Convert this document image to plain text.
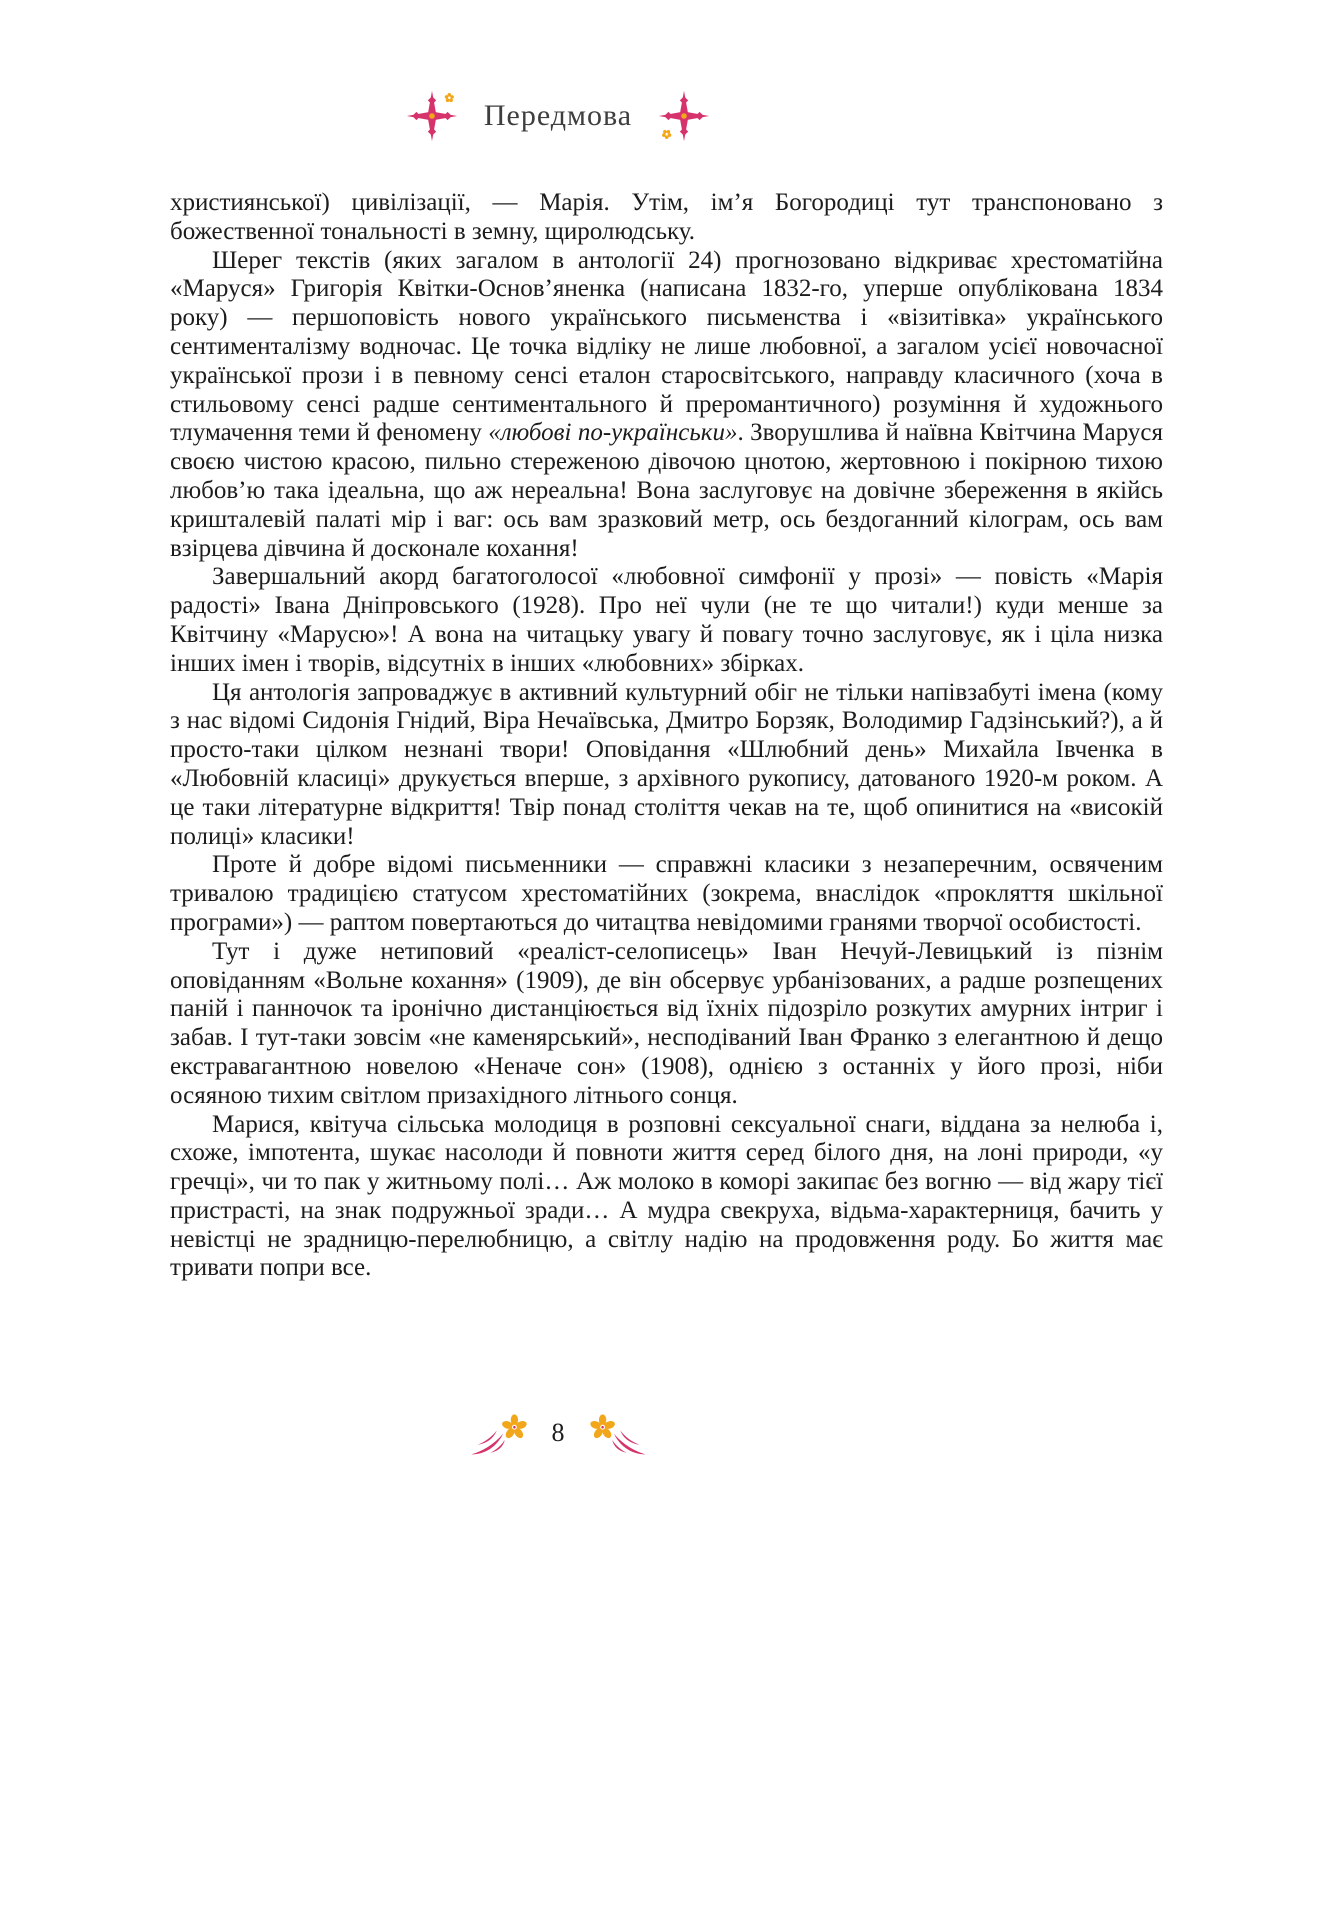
Передмова

християнської) цивілізації, — Марія. Утім, ім’я Богородиці тут транспоновано з божественної тональності в земну, щиролюдську.

Шерег текстів (яких загалом в антології 24) прогнозовано відкриває хрестоматійна «Маруся» Григорія Квітки-Основ’яненка (написана 1832-го, уперше опублікована 1834 року) — першоповість нового українського письменства і «візитівка» українського сентименталізму водночас. Це точка відліку не лише любовної, а загалом усієї новочасної української прози і в певному сенсі еталон старосвітського, направду класичного (хоча в стильовому сенсі радше сентиментального й преромантичного) розуміння й художнього тлумачення теми й феномену «любові по-українськи». Зворушлива й наївна Квітчина Маруся своєю чистою красою, пильно стереженою дівочою цнотою, жертовною і покірною тихою любов’ю така ідеальна, що аж нереальна! Вона заслуговує на довічне збереження в якійсь кришталевій палаті мір і ваг: ось вам зразковий метр, ось бездоганний кілограм, ось вам взірцева дівчина й досконале кохання!

Завершальний акорд багатоголосої «любовної симфонії у прозі» — повість «Марія радості» Івана Дніпровського (1928). Про неї чули (не те що читали!) куди менше за Квітчину «Марусю»! А вона на читацьку увагу й повагу точно заслуговує, як і ціла низка інших імен і творів, відсутніх в інших «любовних» збірках.

Ця антологія запроваджує в активний культурний обіг не тільки напівзабуті імена (кому з нас відомі Сидонія Гнідий, Віра Нечаївська, Дмитро Борзяк, Володимир Гадзінський?), а й просто-таки цілком незнані твори! Оповідання «Шлюбний день» Михайла Івченка в «Любовній класиці» друкується вперше, з архівного рукопису, датованого 1920-м роком. А це таки літературне відкриття! Твір понад століття чекав на те, щоб опинитися на «високій полиці» класики!

Проте й добре відомі письменники — справжні класики з незаперечним, освяченим тривалою традицією статусом хрестоматійних (зокрема, внаслідок «прокляття шкільної програми») — раптом повертаються до читацтва невідомими гранями творчої особистості.

Тут і дуже нетиповий «реаліст-селописець» Іван Нечуй-Левицький із пізнім оповіданням «Вольне кохання» (1909), де він обсервує урбанізованих, а радше розпещених паній і панночок та іронічно дистанціюється від їхніх підозріло розкутих амурних інтриг і забав. І тут-таки зовсім «не каменярський», несподіваний Іван Франко з елегантною й дещо екстравагантною новелою «Неначе сон» (1908), однією з останніх у його прозі, ніби осяяною тихим світлом призахідного літнього сонця.

Марися, квітуча сільська молодиця в розповні сексуальної снаги, віддана за нелюба і, схоже, імпотента, шукає насолоди й повноти життя серед білого дня, на лоні природи, «у гречці», чи то пак у житньому полі… Аж молоко в коморі закипає без вогню — від жару тієї пристрасті, на знак подружньої зради… А мудра свекруха, відьма-характерниця, бачить у невістці не зрадницю-перелюбницю, а світлу надію на продовження роду. Бо життя має тривати попри все.

8
